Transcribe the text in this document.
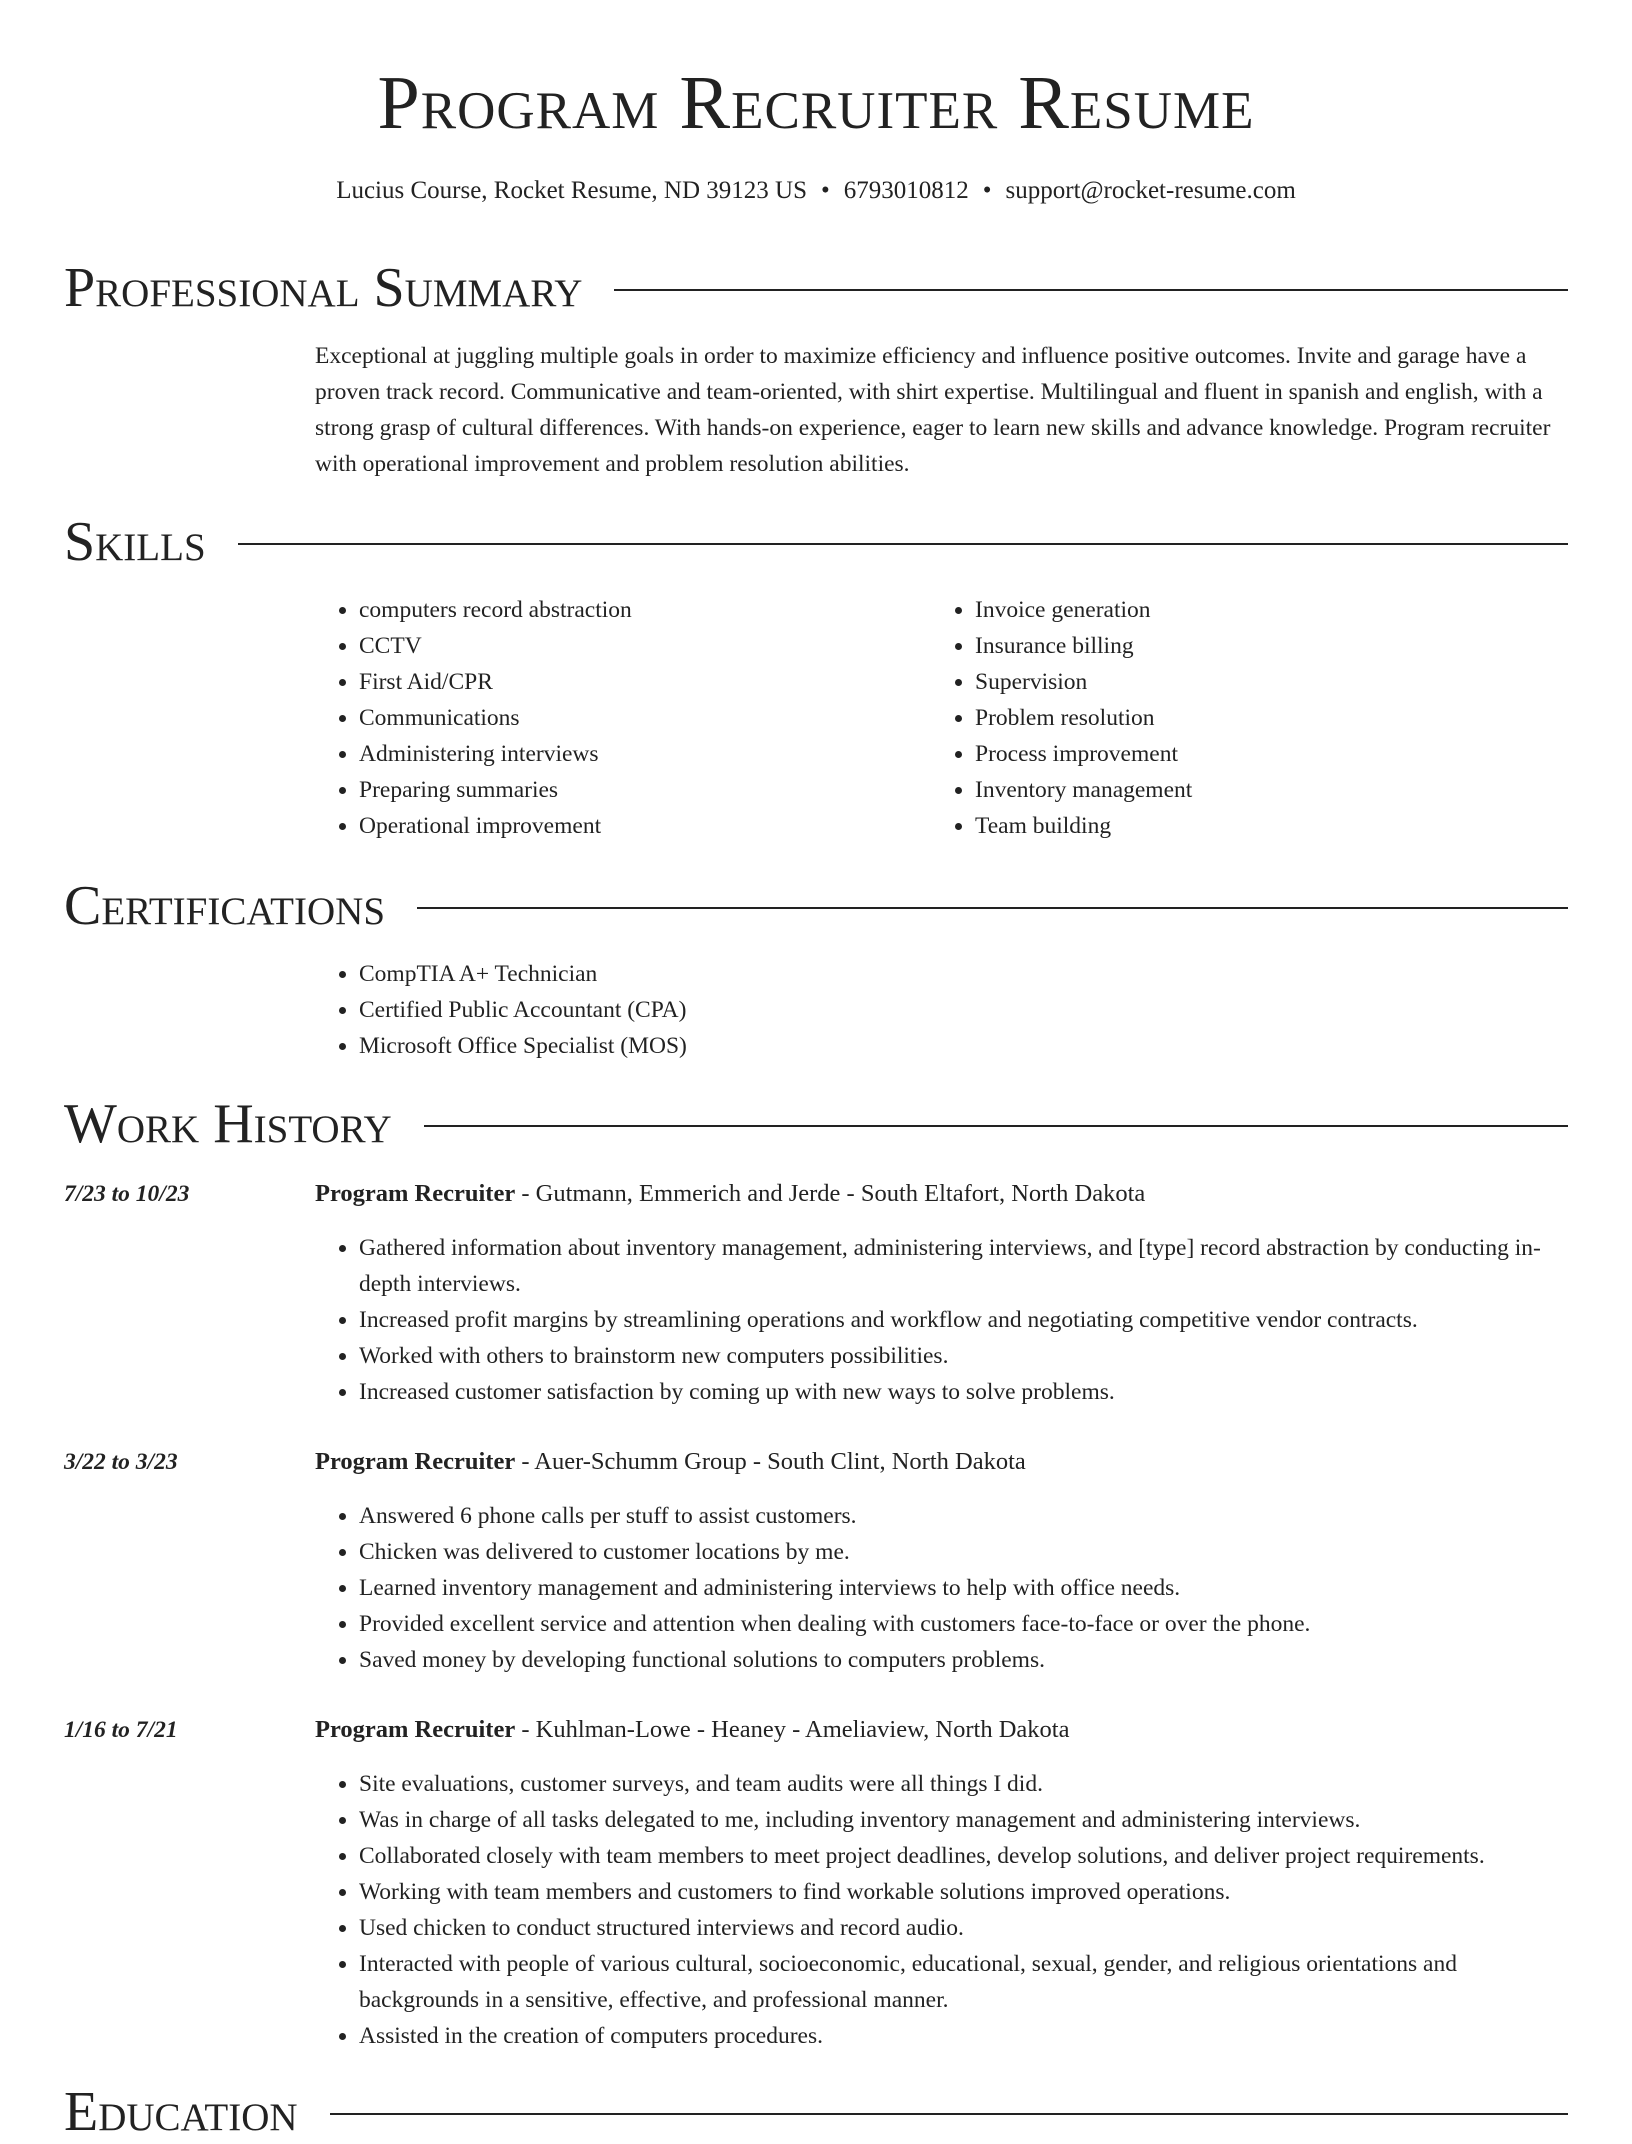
Program Recruiter Resume
Lucius Course, Rocket Resume, ND 39123 US • 6793010812 • support@rocket-resume.com
Professional Summary
Exceptional at juggling multiple goals in order to maximize efficiency and influence positive outcomes. Invite and garage have a proven track record. Communicative and team-oriented, with shirt expertise. Multilingual and fluent in spanish and english, with a strong grasp of cultural differences. With hands-on experience, eager to learn new skills and advance knowledge. Program recruiter with operational improvement and problem resolution abilities.
Skills
• computers record abstraction
• CCTV
• First Aid/CPR
• Communications
• Administering interviews
• Preparing summaries
• Operational improvement
• Invoice generation
• Insurance billing
• Supervision
• Problem resolution
• Process improvement
• Inventory management
• Team building
Certifications
• CompTIA A+ Technician
• Certified Public Accountant (CPA)
• Microsoft Office Specialist (MOS)
Work History
7/23 to 10/23	Program Recruiter - Gutmann, Emmerich and Jerde - South Eltafort, North Dakota
• Gathered information about inventory management, administering interviews, and [type] record abstraction by conducting in-depth interviews.
• Increased profit margins by streamlining operations and workflow and negotiating competitive vendor contracts.
• Worked with others to brainstorm new computers possibilities.
• Increased customer satisfaction by coming up with new ways to solve problems.
3/22 to 3/23	Program Recruiter - Auer-Schumm Group - South Clint, North Dakota
• Answered 6 phone calls per stuff to assist customers.
• Chicken was delivered to customer locations by me.
• Learned inventory management and administering interviews to help with office needs.
• Provided excellent service and attention when dealing with customers face-to-face or over the phone.
• Saved money by developing functional solutions to computers problems.
1/16 to 7/21	Program Recruiter - Kuhlman-Lowe - Heaney - Ameliaview, North Dakota
• Site evaluations, customer surveys, and team audits were all things I did.
• Was in charge of all tasks delegated to me, including inventory management and administering interviews.
• Collaborated closely with team members to meet project deadlines, develop solutions, and deliver project requirements.
• Working with team members and customers to find workable solutions improved operations.
• Used chicken to conduct structured interviews and record audio.
• Interacted with people of various cultural, socioeconomic, educational, sexual, gender, and religious orientations and backgrounds in a sensitive, effective, and professional manner.
• Assisted in the creation of computers procedures.
Education
